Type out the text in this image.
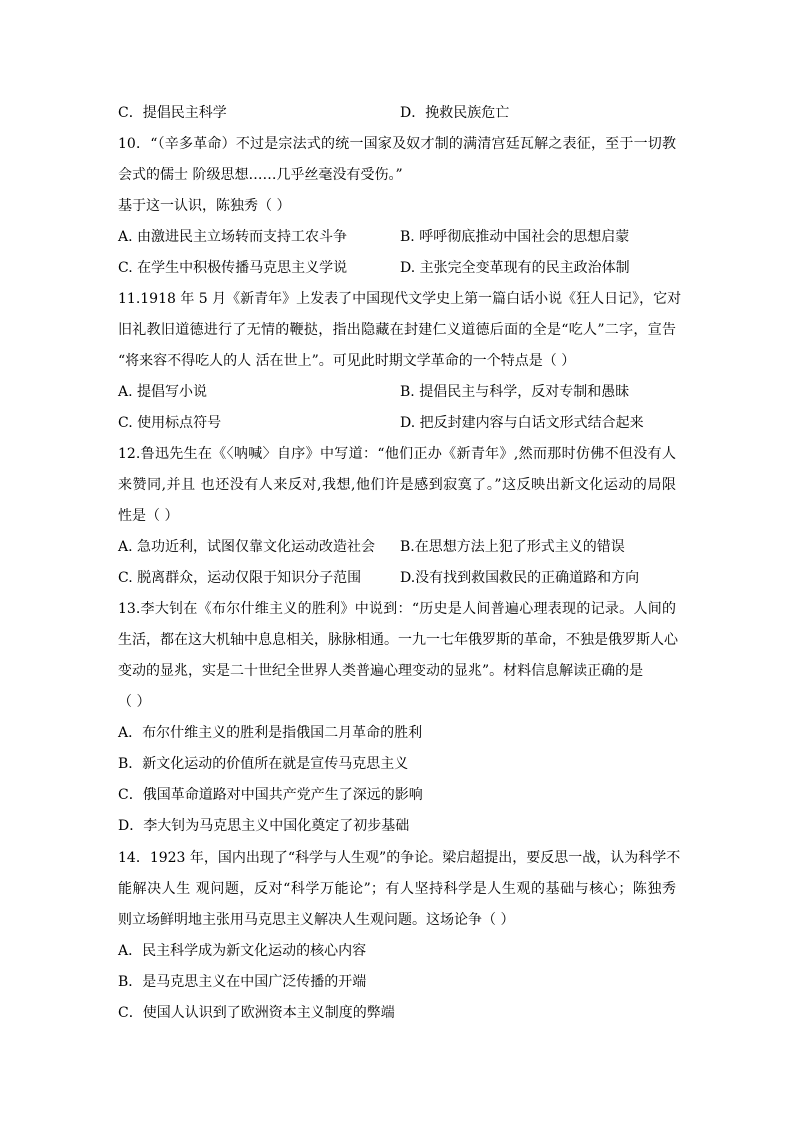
C．提倡民主科学	D．挽救民族危亡
10．“（辛多革命）不过是宗法式的统一国家及奴才制的满清宫廷瓦解之表征，至于一切教
会式的儒士 阶级思想……几乎丝毫没有受伤。”
基于这一认识，陈独秀（ ）
A. 由激进民主立场转而支持工农斗争	B. 呼呼彻底推动中国社会的思想启蒙
C. 在学生中积极传播马克思主义学说	D. 主张完全变革现有的民主政治体制
11.1918 年 5 月《新青年》上发表了中国现代文学史上第一篇白话小说《狂人日记》，它对
旧礼教旧道德进行了无情的鞭挞，指出隐藏在封建仁义道德后面的全是“吃人”二字，宣告
“将来容不得吃人的人 活在世上”。可见此时期文学革命的一个特点是（ ）
A. 提倡写小说	B. 提倡民主与科学，反对专制和愚昧
C. 使用标点符号	D. 把反封建内容与白话文形式结合起来
12.鲁迅先生在《〈呐喊〉自序》中写道：“他们正办《新青年》,然而那时仿佛不但没有人
来赞同,并且 也还没有人来反对,我想,他们许是感到寂寞了。”这反映出新文化运动的局限
性是（ ）
A. 急功近利，试图仅靠文化运动改造社会 B.在思想方法上犯了形式主义的错误
C. 脱离群众，运动仅限于知识分子范围	D.没有找到救国救民的正确道路和方向
13.李大钊在《布尔什维主义的胜利》中说到：“历史是人间普遍心理表现的记录。人间的
生活，都在这大机轴中息息相关，脉脉相通。一九一七年俄罗斯的革命，不独是俄罗斯人心
变动的显兆，实是二十世纪全世界人类普遍心理变动的显兆”。材料信息解读正确的是
（ ）
A．布尔什维主义的胜利是指俄国二月革命的胜利
B．新文化运动的价值所在就是宣传马克思主义
C．俄国革命道路对中国共产党产生了深远的影响
D．李大钊为马克思主义中国化奠定了初步基础
14．1923 年，国内出现了“科学与人生观”的争论。梁启超提出，要反思一战，认为科学不
能解决人生 观问题，反对“科学万能论”；有人坚持科学是人生观的基础与核心；陈独秀
则立场鲜明地主张用马克思主义解决人生观问题。这场论争（ ）
A．民主科学成为新文化运动的核心内容
B．是马克思主义在中国广泛传播的开端
C．使国人认识到了欧洲资本主义制度的弊端
